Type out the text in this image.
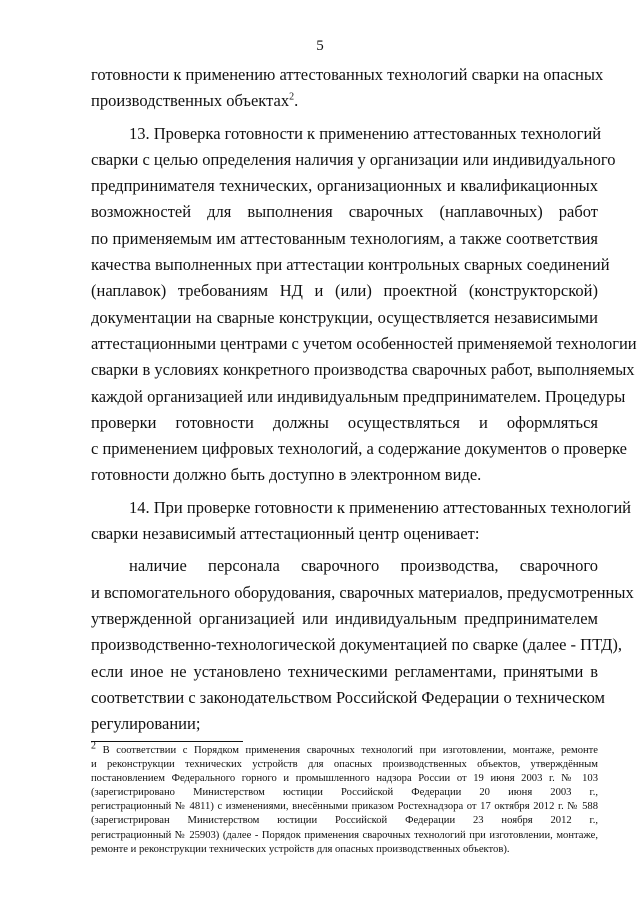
5
готовности к применению аттестованных технологий сварки на опасных
производственных объектах$^2$.
13. Проверка готовности к применению аттестованных технологий
сварки с целью определения наличия у организации или индивидуального
предпринимателя технических, организационных и квалификационных
возможностей для выполнения сварочных (наплавочных) работ
по применяемым им аттестованным технологиям, а также соответствия
качества выполненных при аттестации контрольных сварных соединений
(наплавок) требованиям НД и (или) проектной (конструкторской)
документации на сварные конструкции, осуществляется независимыми
аттестационными центрами с учетом особенностей применяемой технологии
сварки в условиях конкретного производства сварочных работ, выполняемых
каждой организацией или индивидуальным предпринимателем. Процедуры
проверки готовности должны осуществляться и оформляться
с применением цифровых технологий, а содержание документов о проверке
готовности должно быть доступно в электронном виде.
14. При проверке готовности к применению аттестованных технологий
сварки независимый аттестационный центр оценивает:
наличие персонала сварочного производства, сварочного
и вспомогательного оборудования, сварочных материалов, предусмотренных
утвержденной организацией или индивидуальным предпринимателем
производственно-технологической документацией по сварке (далее - ПТД),
если иное не установлено техническими регламентами, принятыми в
соответствии с законодательством Российской Федерации о техническом
регулировании;
$^2$ В соответствии с Порядком применения сварочных технологий при изготовлении, монтаже, ремонте
и реконструкции технических устройств для опасных производственных объектов, утверждённым
постановлением Федерального горного и промышленного надзора России от 19 июня 2003 г. № 103
(зарегистрировано Министерством юстиции Российской Федерации 20 июня 2003 г.,
регистрационный № 4811) с изменениями, внесёнными приказом Ростехнадзора от 17 октября 2012 г. № 588
(зарегистрирован Министерством юстиции Российской Федерации 23 ноября 2012 г.,
регистрационный № 25903) (далее - Порядок применения сварочных технологий при изготовлении, монтаже,
ремонте и реконструкции технических устройств для опасных производственных объектов).
